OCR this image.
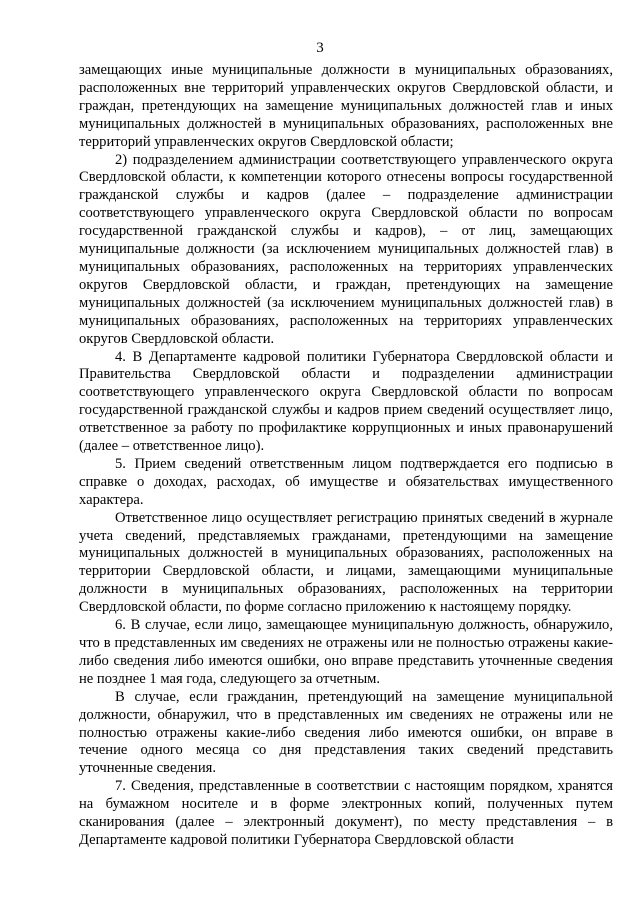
3

замещающих иные муниципальные должности в муниципальных образованиях, расположенных вне территорий управленческих округов Свердловской области, и граждан, претендующих на замещение муниципальных должностей глав и иных муниципальных должностей в муниципальных образованиях, расположенных вне территорий управленческих округов Свердловской области;

2) подразделением администрации соответствующего управленческого округа Свердловской области, к компетенции которого отнесены вопросы государственной гражданской службы и кадров (далее – подразделение администрации соответствующего управленческого округа Свердловской области по вопросам государственной гражданской службы и кадров), – от лиц, замещающих муниципальные должности (за исключением муниципальных должностей глав) в муниципальных образованиях, расположенных на территориях управленческих округов Свердловской области, и граждан, претендующих на замещение муниципальных должностей (за исключением муниципальных должностей глав) в муниципальных образованиях, расположенных на территориях управленческих округов Свердловской области.

4. В Департаменте кадровой политики Губернатора Свердловской области и Правительства Свердловской области и подразделении администрации соответствующего управленческого округа Свердловской области по вопросам государственной гражданской службы и кадров прием сведений осуществляет лицо, ответственное за работу по профилактике коррупционных и иных правонарушений (далее – ответственное лицо).

5. Прием сведений ответственным лицом подтверждается его подписью в справке о доходах, расходах, об имуществе и обязательствах имущественного характера.

Ответственное лицо осуществляет регистрацию принятых сведений в журнале учета сведений, представляемых гражданами, претендующими на замещение муниципальных должностей в муниципальных образованиях, расположенных на территории Свердловской области, и лицами, замещающими муниципальные должности в муниципальных образованиях, расположенных на территории Свердловской области, по форме согласно приложению к настоящему порядку.

6. В случае, если лицо, замещающее муниципальную должность, обнаружило, что в представленных им сведениях не отражены или не полностью отражены какие-либо сведения либо имеются ошибки, оно вправе представить уточненные сведения не позднее 1 мая года, следующего за отчетным.

В случае, если гражданин, претендующий на замещение муниципальной должности, обнаружил, что в представленных им сведениях не отражены или не полностью отражены какие-либо сведения либо имеются ошибки, он вправе в течение одного месяца со дня представления таких сведений представить уточненные сведения.

7. Сведения, представленные в соответствии с настоящим порядком, хранятся на бумажном носителе и в форме электронных копий, полученных путем сканирования (далее – электронный документ), по месту представления – в Департаменте кадровой политики Губернатора Свердловской области
